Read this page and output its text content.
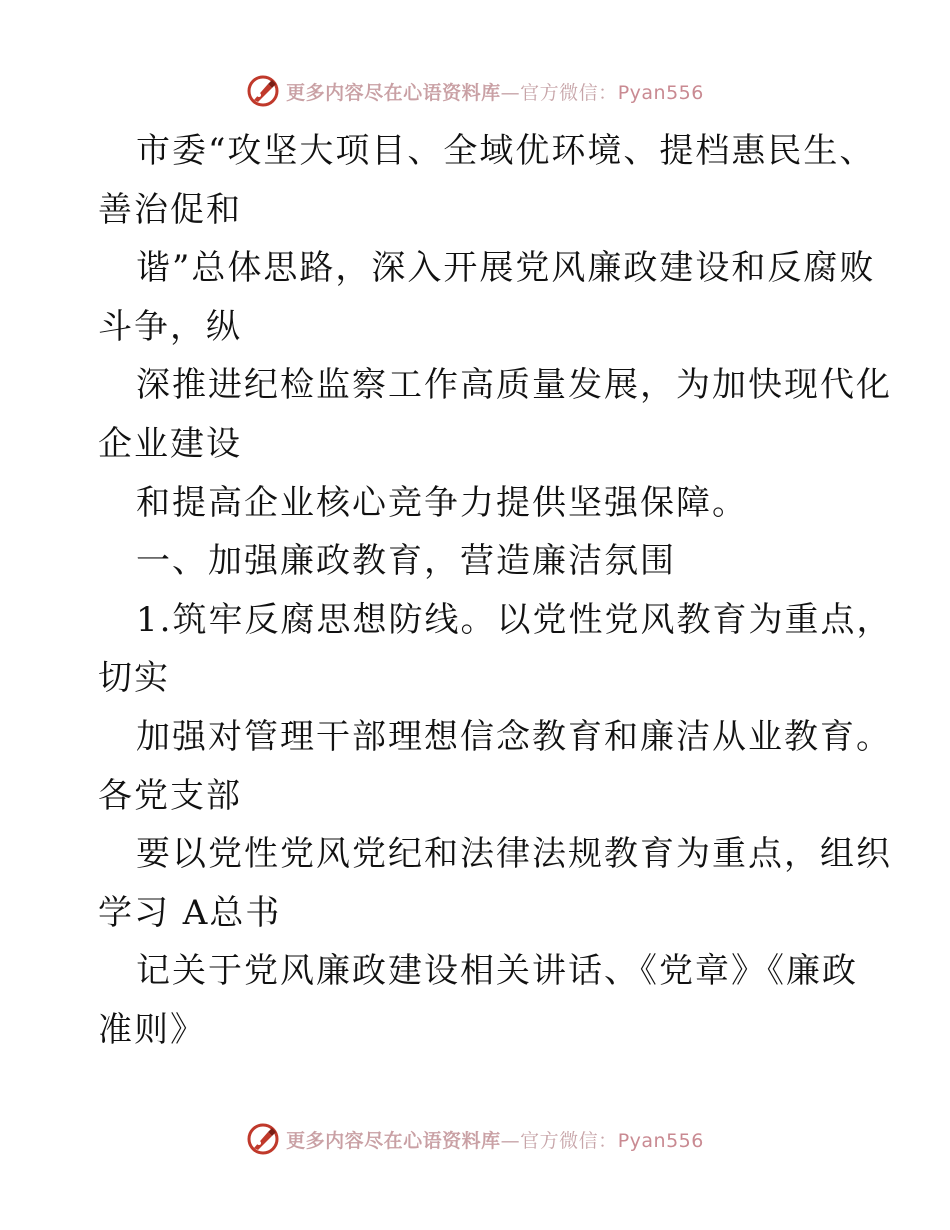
更多内容尽在心语资料库—官方微信：Pyan556
市委“攻坚大项目、全域优环境、提档惠民生、
善治促和
谐”总体思路，深入开展党风廉政建设和反腐败
斗争，纵
深推进纪检监察工作高质量发展，为加快现代化
企业建设
和提高企业核心竞争力提供坚强保障。
一、加强廉政教育，营造廉洁氛围
1.筑牢反腐思想防线。以党性党风教育为重点，
切实
加强对管理干部理想信念教育和廉洁从业教育。
各党支部
要以党性党风党纪和法律法规教育为重点，组织
学习 A总书
记关于党风廉政建设相关讲话、《党章》《廉政
准则》
更多内容尽在心语资料库—官方微信：Pyan556
